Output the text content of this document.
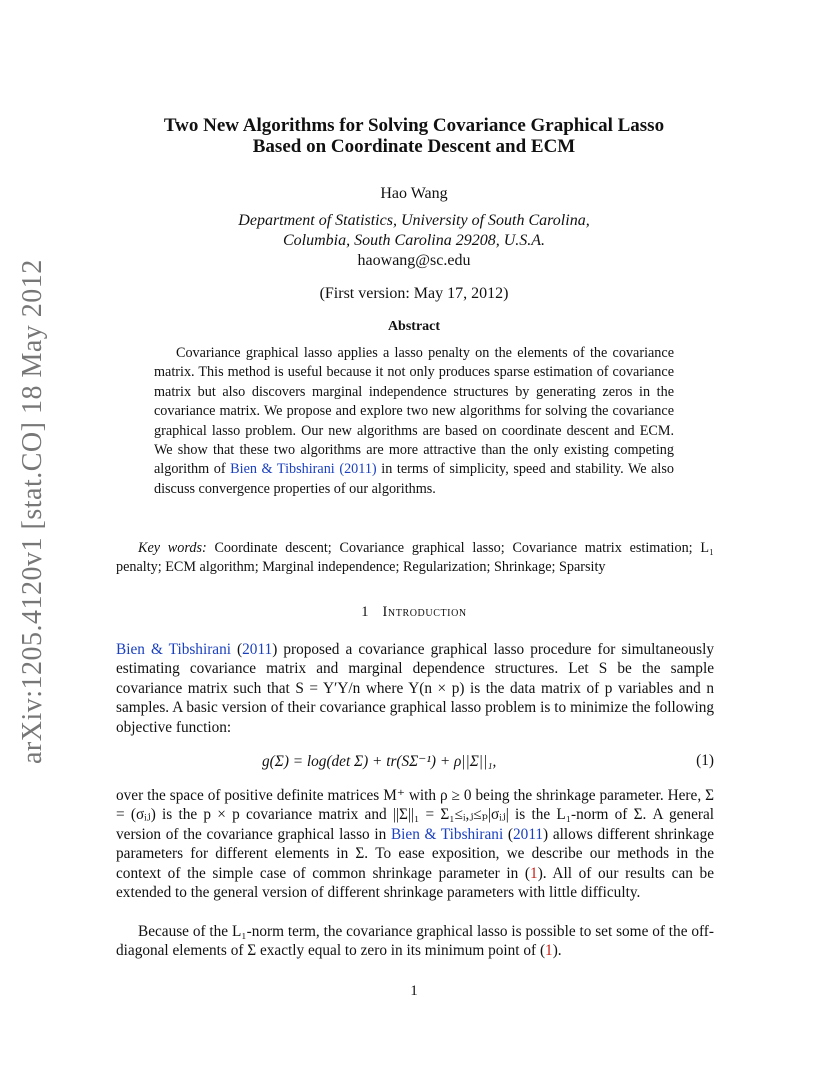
arXiv:1205.4120v1 [stat.CO] 18 May 2012
Two New Algorithms for Solving Covariance Graphical Lasso
Based on Coordinate Descent and ECM
Hao Wang
Department of Statistics, University of South Carolina,
Columbia, South Carolina 29208, U.S.A.
haowang@sc.edu
(First version: May 17, 2012)
Abstract
Covariance graphical lasso applies a lasso penalty on the elements of the covariance matrix. This method is useful because it not only produces sparse estimation of covariance matrix but also discovers marginal independence structures by generating zeros in the covariance matrix. We propose and explore two new algorithms for solving the covariance graphical lasso problem. Our new algorithms are based on coordinate descent and ECM. We show that these two algorithms are more attractive than the only existing competing algorithm of Bien & Tibshirani (2011) in terms of simplicity, speed and stability. We also discuss convergence properties of our algorithms.
Key words: Coordinate descent; Covariance graphical lasso; Covariance matrix estimation; L₁ penalty; ECM algorithm; Marginal independence; Regularization; Shrinkage; Sparsity
1 Introduction
Bien & Tibshirani (2011) proposed a covariance graphical lasso procedure for simultaneously estimating covariance matrix and marginal dependence structures. Let S be the sample covariance matrix such that S = Y′Y/n where Y(n × p) is the data matrix of p variables and n samples. A basic version of their covariance graphical lasso problem is to minimize the following objective function:
g(Σ) = log(det Σ) + tr(SΣ⁻¹) + ρ||Σ||₁,	(1)
over the space of positive definite matrices M⁺ with ρ ≥ 0 being the shrinkage parameter. Here, Σ = (σᵢⱼ) is the p × p covariance matrix and ||Σ||₁ = Σ₁≤ᵢ,ⱼ≤ₚ|σᵢⱼ| is the L₁-norm of Σ. A general version of the covariance graphical lasso in Bien & Tibshirani (2011) allows different shrinkage parameters for different elements in Σ. To ease exposition, we describe our methods in the context of the simple case of common shrinkage parameter in (1). All of our results can be extended to the general version of different shrinkage parameters with little difficulty.
Because of the L₁-norm term, the covariance graphical lasso is possible to set some of the off-diagonal elements of Σ exactly equal to zero in its minimum point of (1).
1
